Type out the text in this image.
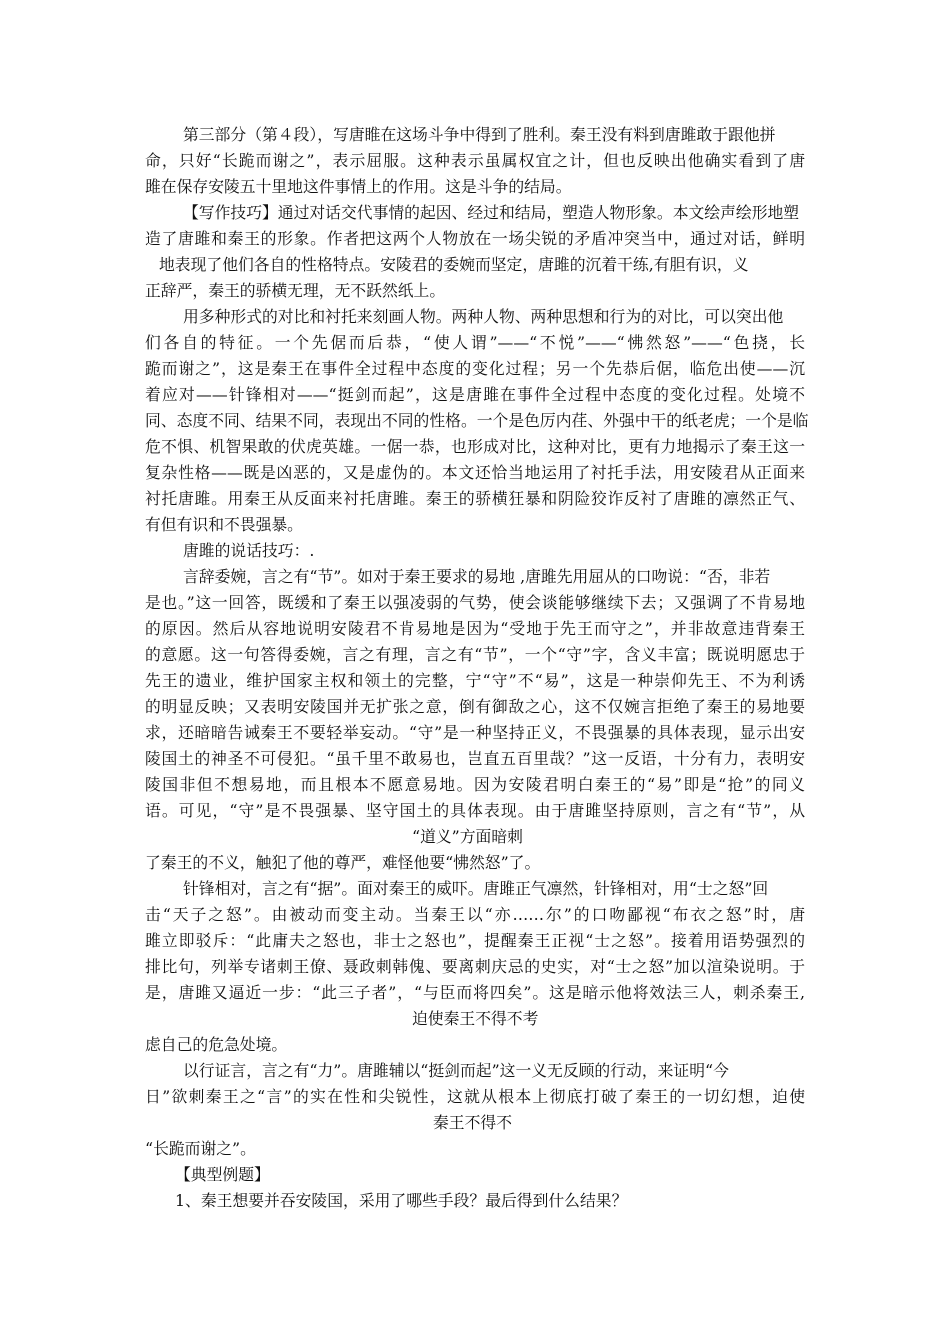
第三部分（第４段），写唐睢在这场斗争中得到了胜利。秦王没有料到唐雎敢于跟他拼
命，只好“长跪而谢之”，表示屈服。这种表示虽属权宜之计，但也反映出他确实看到了唐
雎在保存安陵五十里地这件事情上的作用。这是斗争的结局。
【写作技巧】通过对话交代事情的起因、经过和结局，塑造人物形象。本文绘声绘形地塑
造了唐雎和秦王的形象。作者把这两个人物放在一场尖锐的矛盾冲突当中，通过对话，鲜明
地表现了他们各自的性格特点。安陵君的委婉而坚定，唐雎的沉着干练,有胆有识，义
正辞严，秦王的骄横无理，无不跃然纸上。
用多种形式的对比和衬托来刻画人物。两种人物、两种思想和行为的对比，可以突出他
们各自的特征。一个先倨而后恭，“使人谓”——“不悦”——“怫然怒”——“色挠，长
跪而谢之”，这是秦王在事件全过程中态度的变化过程；另一个先恭后倨，临危出使——沉
着应对——针锋相对——“挺剑而起”，这是唐雎在事件全过程中态度的变化过程。处境不
同、态度不同、结果不同，表现出不同的性格。一个是色厉内荏、外强中干的纸老虎；一个是临
危不惧、机智果敢的伏虎英雄。一倨一恭，也形成对比，这种对比，更有力地揭示了秦王这一
复杂性格——既是凶恶的，又是虚伪的。本文还恰当地运用了衬托手法，用安陵君从正面来
衬托唐雎。用秦王从反面来衬托唐雎。秦王的骄横狂暴和阴险狡诈反衬了唐雎的凛然正气、
有但有识和不畏强暴。
唐雎的说话技巧：.
言辞委婉，言之有“节”。如对于秦王要求的易地 ,唐雎先用屈从的口吻说：“否，非若
是也。”这一回答，既缓和了秦王以强凌弱的气势，使会谈能够继续下去；又强调了不肯易地
的原因。然后从容地说明安陵君不肯易地是因为“受地于先王而守之”，并非故意违背秦王
的意愿。这一句答得委婉，言之有理，言之有“节”，一个“守”字，含义丰富；既说明愿忠于
先王的遗业，维护国家主权和领土的完整，宁“守”不“易”，这是一种崇仰先王、不为利诱
的明显反映；又表明安陵国并无扩张之意，倒有御敌之心，这不仅婉言拒绝了秦王的易地要
求，还暗暗告诫秦王不要轻举妄动。“守”是一种坚持正义，不畏强暴的具体表现，显示出安
陵国土的神圣不可侵犯。“虽千里不敢易也，岂直五百里哉？”这一反语，十分有力，表明安
陵国非但不想易地，而且根本不愿意易地。因为安陵君明白秦王的“易”即是“抢”的同义
语。可见，“守”是不畏强暴、坚守国土的具体表现。由于唐雎坚持原则，言之有“节”，从
“道义”方面暗刺
了秦王的不义，触犯了他的尊严，难怪他要“怫然怒”了。
针锋相对，言之有“据”。面对秦王的威吓。唐雎正气凛然，针锋相对，用“士之怒”回
击“天子之怒”。由被动而变主动。当秦王以“亦……尔”的口吻鄙视“布衣之怒”时，唐
雎立即驳斥：“此庸夫之怒也，非士之怒也”，提醒秦王正视“士之怒”。接着用语势强烈的
排比句，列举专诸刺王僚、聂政刺韩傀、要离刺庆忌的史实，对“士之怒”加以渲染说明。于
是，唐雎又逼近一步：“此三子者”，“与臣而将四矣”。这是暗示他将效法三人，刺杀秦王,
迫使秦王不得不考
虑自己的危急处境。
以行证言，言之有“力”。唐雎辅以“挺剑而起”这一义无反顾的行动，来证明“今
日”欲刺秦王之“言”的实在性和尖锐性，这就从根本上彻底打破了秦王的一切幻想，迫使
秦王不得不
“长跪而谢之”。
【典型例题】
1、秦王想要并吞安陵国，采用了哪些手段？最后得到什么结果？
